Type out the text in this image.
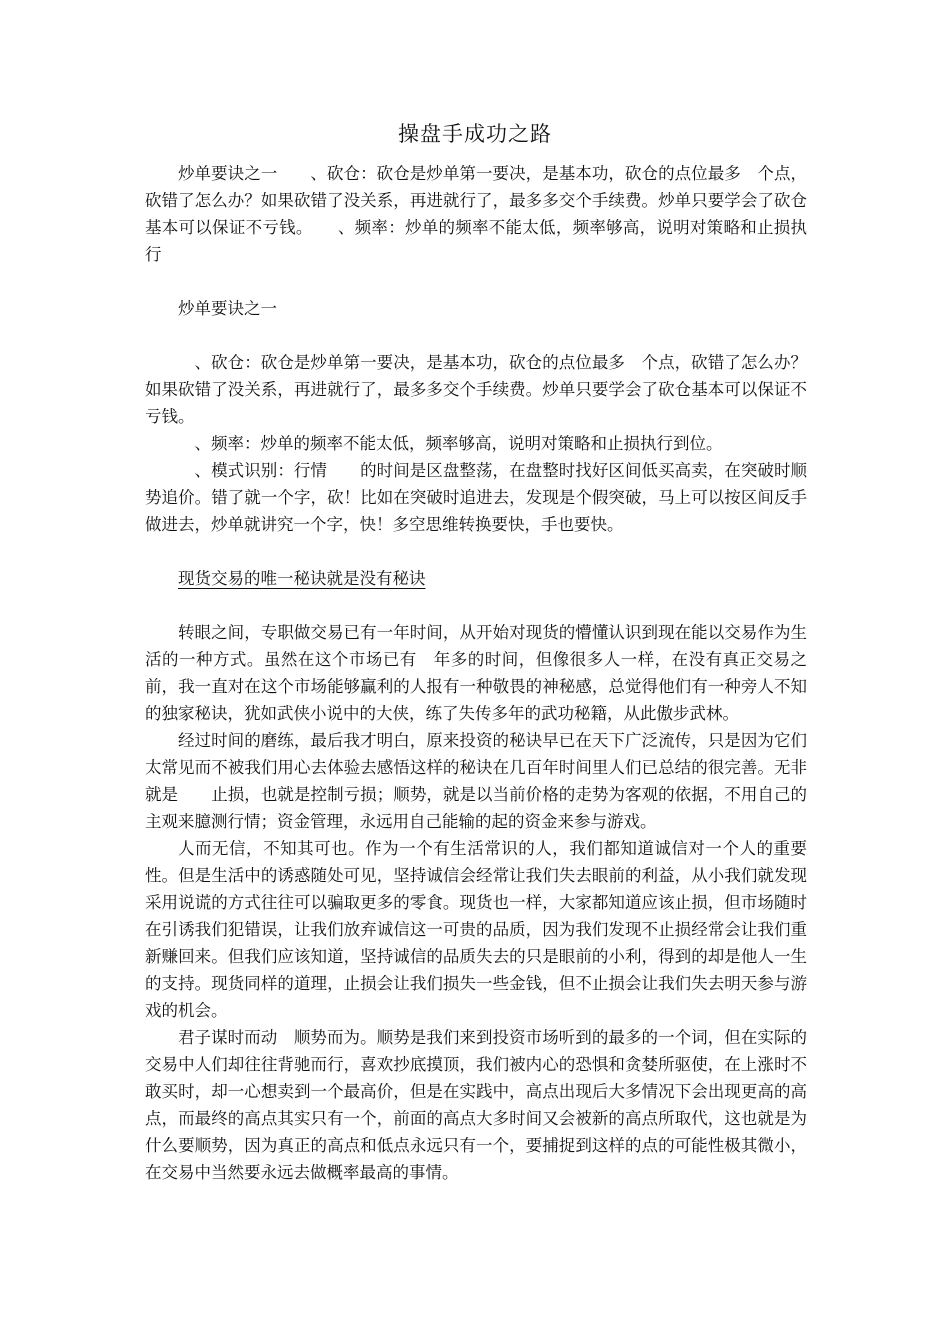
操盘手成功之路

炒单要诀之一　　、砍仓：砍仓是炒单第一要决，是基本功，砍仓的点位最多　个点，砍错了怎么办？如果砍错了没关系，再进就行了，最多多交个手续费。炒单只要学会了砍仓基本可以保证不亏钱。　　、频率：炒单的频率不能太低，频率够高，说明对策略和止损执行

炒单要诀之一

　、砍仓：砍仓是炒单第一要决，是基本功，砍仓的点位最多　个点，砍错了怎么办？如果砍错了没关系，再进就行了，最多多交个手续费。炒单只要学会了砍仓基本可以保证不亏钱。

　、频率：炒单的频率不能太低，频率够高，说明对策略和止损执行到位。

　、模式识别：行情　　的时间是区盘整荡，在盘整时找好区间低买高卖，在突破时顺势追价。错了就一个字，砍！比如在突破时追进去，发现是个假突破，马上可以按区间反手做进去，炒单就讲究一个字，快！多空思维转换要快，手也要快。

现货交易的唯一秘诀就是没有秘诀

转眼之间，专职做交易已有一年时间，从开始对现货的懵懂认识到现在能以交易作为生活的一种方式。虽然在这个市场已有　年多的时间，但像很多人一样，在没有真正交易之前，我一直对在这个市场能够赢利的人报有一种敬畏的神秘感，总觉得他们有一种旁人不知的独家秘诀，犹如武侠小说中的大侠，练了失传多年的武功秘籍，从此傲步武林。

经过时间的磨练，最后我才明白，原来投资的秘诀早已在天下广泛流传，只是因为它们太常见而不被我们用心去体验去感悟这样的秘诀在几百年时间里人们已总结的很完善。无非就是　　止损，也就是控制亏损；顺势，就是以当前价格的走势为客观的依据，不用自己的主观来臆测行情；资金管理，永远用自己能输的起的资金来参与游戏。

人而无信，不知其可也。作为一个有生活常识的人，我们都知道诚信对一个人的重要性。但是生活中的诱惑随处可见，坚持诚信会经常让我们失去眼前的利益，从小我们就发现采用说谎的方式往往可以骗取更多的零食。现货也一样，大家都知道应该止损，但市场随时在引诱我们犯错误，让我们放弃诚信这一可贵的品质，因为我们发现不止损经常会让我们重新赚回来。但我们应该知道，坚持诚信的品质失去的只是眼前的小利，得到的却是他人一生的支持。现货同样的道理，止损会让我们损失一些金钱，但不止损会让我们失去明天参与游戏的机会。

君子谋时而动　顺势而为。顺势是我们来到投资市场听到的最多的一个词，但在实际的交易中人们却往往背驰而行，喜欢抄底摸顶，我们被内心的恐惧和贪婪所驱使，在上涨时不敢买时，却一心想卖到一个最高价，但是在实践中，高点出现后大多情况下会出现更高的高点，而最终的高点其实只有一个，前面的高点大多时间又会被新的高点所取代，这也就是为什么要顺势，因为真正的高点和低点永远只有一个，要捕捉到这样的点的可能性极其微小，在交易中当然要永远去做概率最高的事情。
